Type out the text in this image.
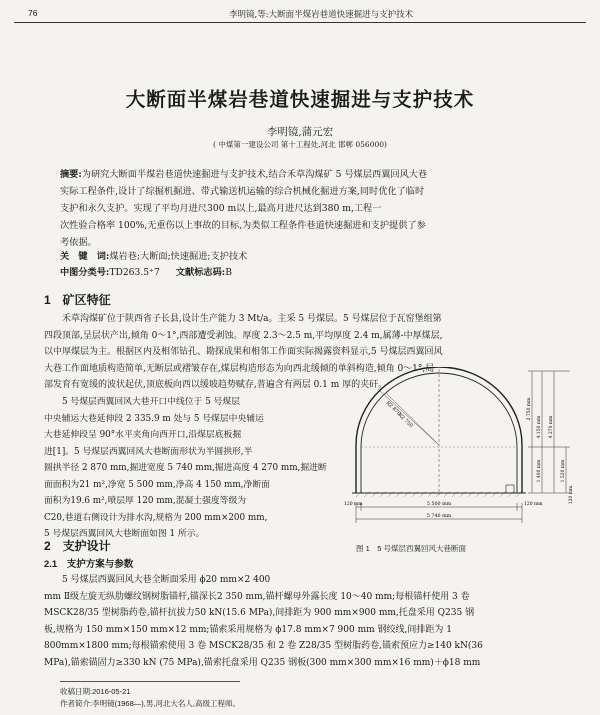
76	李明镜,等:大断面半煤岩巷道快速掘进与支护技术
大断面半煤岩巷道快速掘进与支护技术
李明镜,蒲元宏
( 中煤第一建设公司 第十工程处,河北 邯郸 056000)
摘要:为研究大断面半煤岩巷道快速掘进与支护技术,结合禾草沟煤矿 5 号煤层西翼回风大巷
实际工程条件,设计了综掘机掘进、带式输送机运输的综合机械化掘进方案,同时优化了临时
支护和永久支护。实现了平均月进尺300 m以上,最高月进尺达到380 m,工程一
次性验合格率 100%,无重伤以上事故的目标,为类似工程条件巷道快速掘进和支护提供了参
考依据。
关　键　词:煤岩巷;大断面;快速掘进;支护技术
中图分类号:TD263.5⁺7 文献标志码:B
1　矿区特征
禾草沟煤矿位于陕西省子长县,设计生产能力 3 Mt/a。主采 5 号煤层。5 号煤层位于瓦窑堡组第
四段顶部,呈层状产出,倾角 0～1°,西部遭受剥蚀。厚度 2.3～2.5 m,平均厚度 2.4 m,属薄-中厚煤层,
以中厚煤层为主。根据区内及相邻钻孔、勘探成果和相邻工作面实际揭露资料显示,5 号煤层西翼回风
大巷工作面地质构造简单,无断层或褶皱存在,煤层构造形态为向西北缓倾的单斜构造,倾角 0～1°,局
部发育有宽缓的波状起伏,顶底板向西以缓坡趋势赋存,普遍含有两层 0.1 m 厚的夹矸。
5 号煤层西翼回风大巷开口中线位于 5 号煤层
中央辅运大巷延伸段 2 335.9 m 处与 5 号煤层中央辅运
大巷延伸段呈 90°水平夹角向西开口,沿煤层底板掘
进[1]。5 号煤层西翼回风大巷断面形状为半圆拱形,半
圆拱半径 2 870 mm,掘进宽度 5 740 mm,掘进高度 4 270 mm,掘进断
面面积为21 m²,净宽 5 500 mm,净高 4 150 mm,净断面
面积为19.6 m²,喷层厚 120 mm,混凝土强度等级为
C20,巷道右侧设计为排水沟,规格为 200 mm×200 mm,
5 号煤层西翼回风大巷断面如图 1 所示。
R2 750
R2 870	2 750 mm
4 150 mm 4 270 mm
1 400 mm	1 520 mm
120 mm
120 mm	5 500 mm	120 mm
5 740 mm
图 1　5 号煤层西翼回风大巷断面
2　支护设计
2.1　支护方案与参数
5 号煤层西翼回风大巷全断面采用 ϕ20 mm×2 400
mm Ⅱ级左旋无纵肋螺纹钢树脂锚杆,锚深长2 350 mm,锚杆螺母外露长度 10～40 mm;每根锚杆使用 3 卷
MSCK28/35 型树脂药卷,锚杆抗拔力50 kN(15.6 MPa),间排距为 900 mm×900 mm,托盘采用 Q235 钢
板,规格为 150 mm×150 mm×12 mm;锚索采用规格为 ϕ17.8 mm×7 900 mm 钢绞线,间排距为 1
800mm×1800 mm;每根锚索使用 3 卷 MSCK28/35 和 2 卷 Z28/35 型树脂药卷,锚索预应力≥140 kN(36
MPa),锚索锚固力≥330 kN (75 MPa),锚索托盘采用 Q235 钢板(300 mm×300 mm×16 mm)＋ϕ18 mm
收稿日期:2016-05-21
作者简介:李明镜(1968—),男,河北大名人,高级工程师。
